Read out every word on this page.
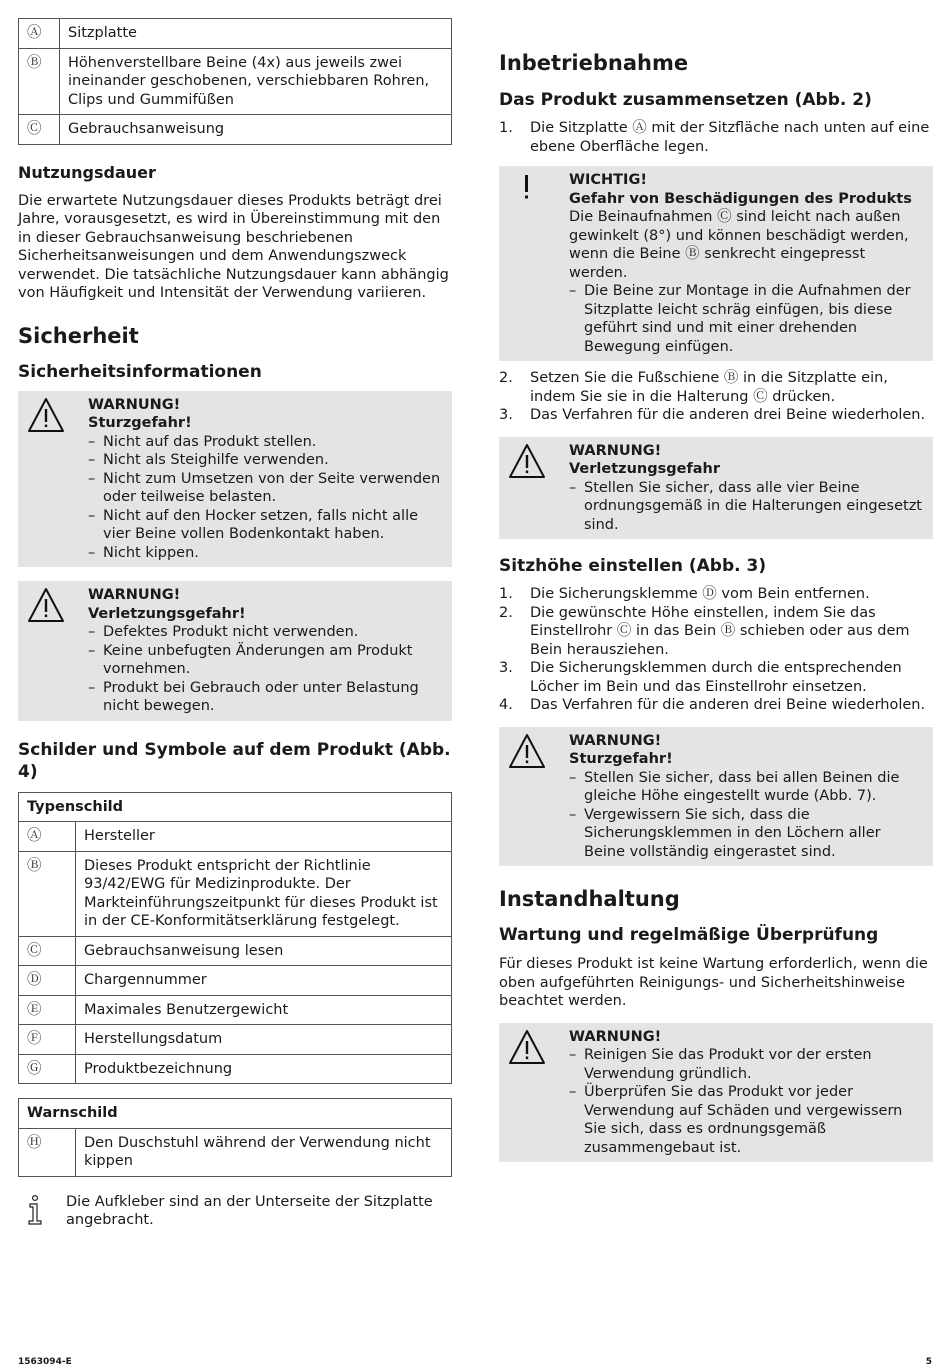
Ⓐ	Sitzplatte
Ⓑ	Höhenverstellbare Beine (4x) aus jeweils zwei ineinander geschobenen, verschiebbaren Rohren, Clips und Gummifüßen
Ⓒ	Gebrauchsanweisung
Nutzungsdauer

Die erwartete Nutzungsdauer dieses Produkts beträgt drei Jahre, vorausgesetzt, es wird in Übereinstimmung mit den in dieser Gebrauchsanweisung beschriebenen Sicherheitsanweisungen und dem Anwendungszweck verwendet. Die tatsächliche Nutzungsdauer kann abhängig von Häufigkeit und Intensität der Verwendung variieren.

Sicherheit
Sicherheitsinformationen
WARNUNG!
Sturzgefahr!
– Nicht auf das Produkt stellen.
– Nicht als Steighilfe verwenden.
– Nicht zum Umsetzen von der Seite verwenden oder teilweise belasten.
– Nicht auf den Hocker setzen, falls nicht alle vier Beine vollen Bodenkontakt haben.
– Nicht kippen.
WARNUNG!
Verletzungsgefahr!
– Defektes Produkt nicht verwenden.
– Keine unbefugten Änderungen am Produkt vornehmen.
– Produkt bei Gebrauch oder unter Belastung nicht bewegen.
Schilder und Symbole auf dem Produkt (Abb. 4)
Typenschild	
Ⓐ	Hersteller
Ⓑ	Dieses Produkt entspricht der Richtlinie 93/42/EWG für Medizinprodukte. Der Markteinführungszeitpunkt für dieses Produkt ist in der CE-Konformitätserklärung festgelegt.
Ⓒ	Gebrauchsanweisung lesen
Ⓓ	Chargennummer
Ⓔ	Maximales Benutzergewicht
Ⓕ	Herstellungsdatum
Ⓖ	Produktbezeichnung
Warnschild
Ⓗ	Den Duschstuhl während der Verwendung nicht kippen

Die Aufkleber sind an der Unterseite der Sitzplatte angebracht.

Inbetriebnahme
Das Produkt zusammensetzen (Abb. 2)
1. Die Sitzplatte Ⓐ mit der Sitzfläche nach unten auf eine ebene Oberfläche legen.
WICHTIG!
Gefahr von Beschädigungen des Produkts

Die Beinaufnahmen Ⓒ sind leicht nach außen gewinkelt (8°) und können beschädigt werden, wenn die Beine Ⓑ senkrecht eingepresst werden.

– Die Beine zur Montage in die Aufnahmen der Sitzplatte leicht schräg einfügen, bis diese geführt sind und mit einer drehenden Bewegung einfügen.
2. Setzen Sie die Fußschiene Ⓑ in die Sitzplatte ein, indem Sie sie in die Halterung Ⓒ drücken.
3. Das Verfahren für die anderen drei Beine wiederholen.
WARNUNG!
Verletzungsgefahr
– Stellen Sie sicher, dass alle vier Beine ordnungsgemäß in die Halterungen eingesetzt sind.
Sitzhöhe einstellen (Abb. 3)
1. Die Sicherungsklemme Ⓓ vom Bein entfernen.
2. Die gewünschte Höhe einstellen, indem Sie das Einstellrohr Ⓒ in das Bein Ⓑ schieben oder aus dem Bein herausziehen.
3. Die Sicherungsklemmen durch die entsprechenden Löcher im Bein und das Einstellrohr einsetzen.
4. Das Verfahren für die anderen drei Beine wiederholen.
WARNUNG!
Sturzgefahr!
– Stellen Sie sicher, dass bei allen Beinen die gleiche Höhe eingestellt wurde (Abb. 7).
– Vergewissern Sie sich, dass die Sicherungsklemmen in den Löchern aller Beine vollständig eingerastet sind.
Instandhaltung
Wartung und regelmäßige Überprüfung

Für dieses Produkt ist keine Wartung erforderlich, wenn die oben aufgeführten Reinigungs- und Sicherheitshinweise beachtet werden.

WARNUNG!
– Reinigen Sie das Produkt vor der ersten Verwendung gründlich.
– Überprüfen Sie das Produkt vor jeder Verwendung auf Schäden und vergewissern Sie sich, dass es ordnungsgemäß zusammengebaut ist.
1563094-E	5
